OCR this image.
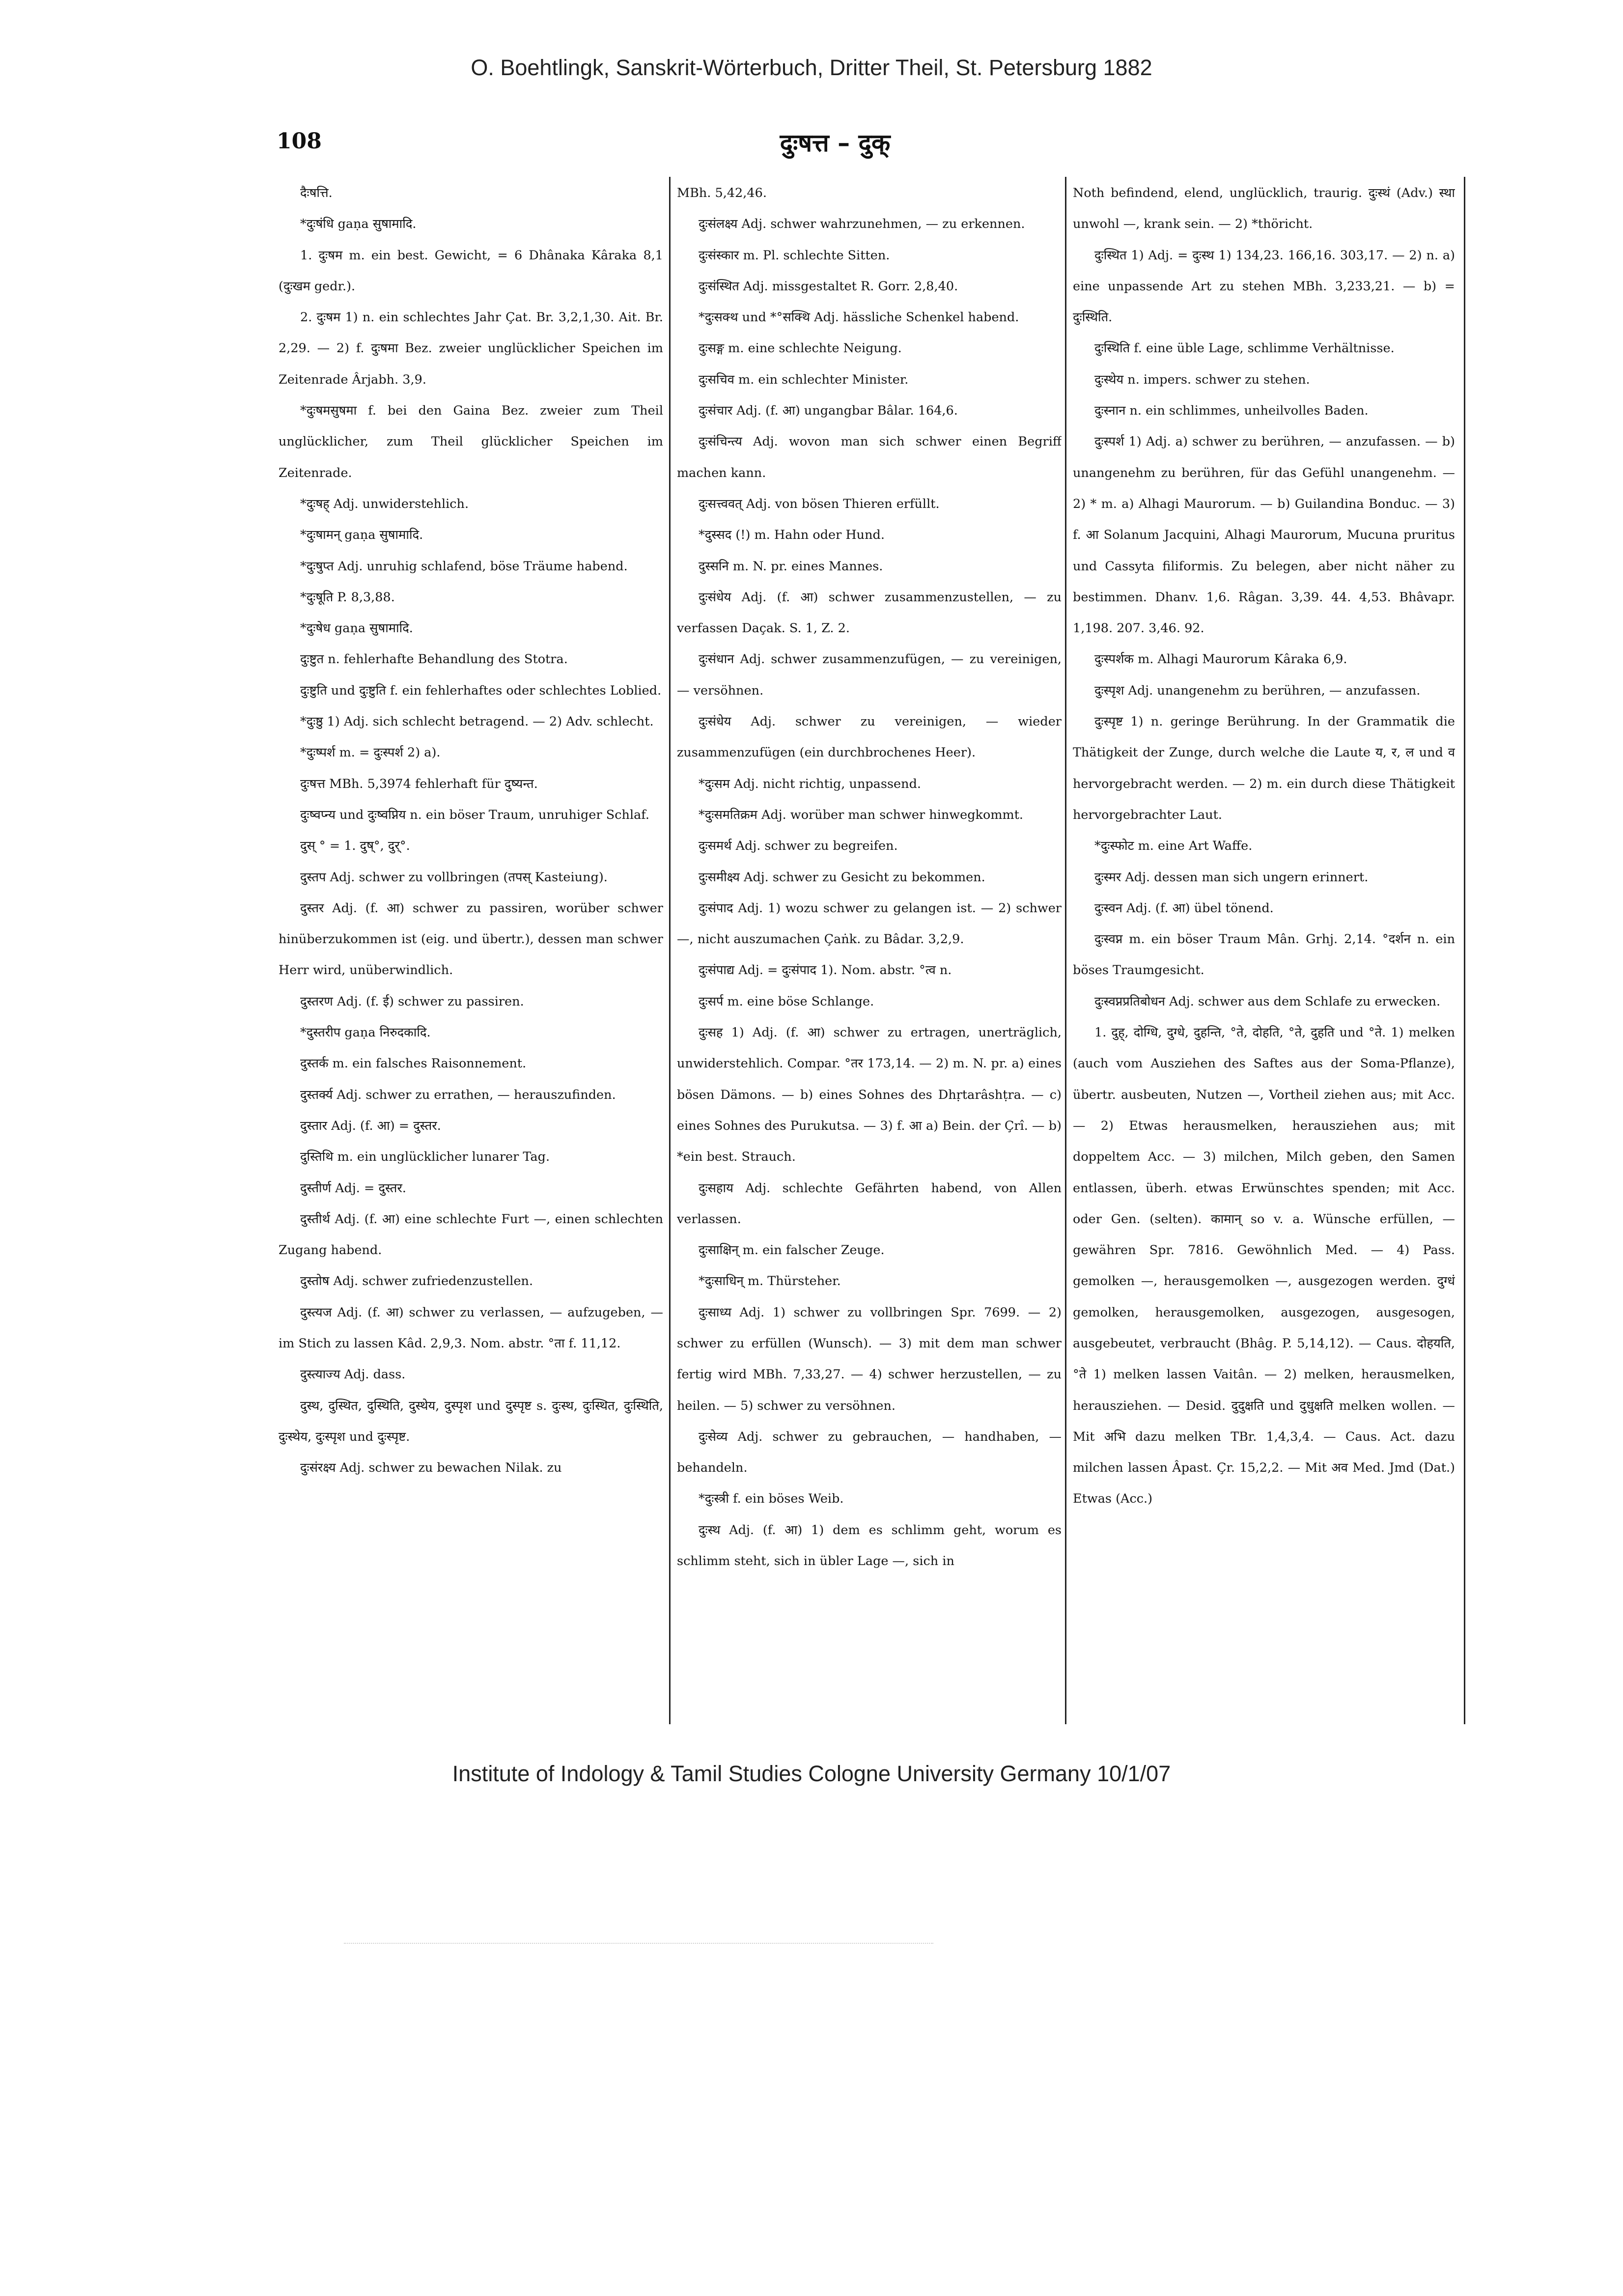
O. Boehtlingk, Sanskrit-Wörterbuch, Dritter Theil, St. Petersburg 1882
108	दुःषत्त – दुक्

दैःषत्ति.

*दुःषंधि gaṇa सुषामादि.

1. दुःषम m. ein best. Gewicht, = 6 Dhânaka Kâraka 8,1 (दुःखम gedr.).

2. दुःषम 1) n. ein schlechtes Jahr Çat. Br. 3,2,1,30. Ait. Br. 2,29. — 2) f. दुःषमा Bez. zweier unglücklicher Speichen im Zeitenrade Ârjabh. 3,9.

*दुःषमसुषमा f. bei den Gaina Bez. zweier zum Theil unglücklicher, zum Theil glücklicher Speichen im Zeitenrade.

*दुःषह् Adj. unwiderstehlich.

*दुःषामन् gaṇa सुषामादि.

*दुःषुप्त Adj. unruhig schlafend, böse Träume habend.

*दुःषूति P. 8,3,88.

*दुःषेध gaṇa सुषामादि.

दुःष्टुत n. fehlerhafte Behandlung des Stotra.

दुःष्टुति und दुःष्टुति f. ein fehlerhaftes oder schlechtes Loblied.

*दुःष्ठु 1) Adj. sich schlecht betragend. — 2) Adv. schlecht.

*दुःष्पर्श m. = दुःस्पर्श 2) a).

दुःषत्त MBh. 5,3974 fehlerhaft für दुष्यन्त.

दुःष्वप्न्य und दुःष्वप्निय n. ein böser Traum, unruhiger Schlaf.

दुस् ° = 1. दुष्°, दुर्°.

दुस्तप Adj. schwer zu vollbringen (तपस् Kasteiung).

दुस्तर Adj. (f. आ) schwer zu passiren, worüber schwer hinüberzukommen ist (eig. und übertr.), dessen man schwer Herr wird, unüberwindlich.

दुस्तरण Adj. (f. ई) schwer zu passiren.

*दुस्तरीप gaṇa निरुदकादि.

दुस्तर्क m. ein falsches Raisonnement.

दुस्तर्क्य Adj. schwer zu errathen, — herauszufinden.

दुस्तार Adj. (f. आ) = दुस्तर.

दुस्तिथि m. ein unglücklicher lunarer Tag.

दुस्तीर्ण Adj. = दुस्तर.

दुस्तीर्थ Adj. (f. आ) eine schlechte Furt —, einen schlechten Zugang habend.

दुस्तोष Adj. schwer zufriedenzustellen.

दुस्त्यज Adj. (f. आ) schwer zu verlassen, — aufzugeben, — im Stich zu lassen Kâd. 2,9,3. Nom. abstr. °ता f. 11,12.

दुस्त्याज्य Adj. dass.

दुस्थ, दुस्थित, दुस्थिति, दुस्थेय, दुस्पृश und दुस्पृष्ट s. दुःस्थ, दुःस्थित, दुःस्थिति, दुःस्थेय, दुःस्पृश und दुःस्पृष्ट.

दुःसंरक्ष्य Adj. schwer zu bewachen Nilak. zu

MBh. 5,42,46.

दुःसंलक्ष्य Adj. schwer wahrzunehmen, — zu erkennen.

दुःसंस्कार m. Pl. schlechte Sitten.

दुःसंस्थित Adj. missgestaltet R. Gorr. 2,8,40.

*दुःसक्थ und *°सक्थि Adj. hässliche Schenkel habend.

दुःसङ्ग m. eine schlechte Neigung.

दुःसचिव m. ein schlechter Minister.

दुःसंचार Adj. (f. आ) ungangbar Bâlar. 164,6.

दुःसंचिन्त्य Adj. wovon man sich schwer einen Begriff machen kann.

दुःसत्त्ववत् Adj. von bösen Thieren erfüllt.

*दुस्सद (!) m. Hahn oder Hund.

दुस्सनि m. N. pr. eines Mannes.

दुःसंधेय Adj. (f. आ) schwer zusammenzustellen, — zu verfassen Daçak. S. 1, Z. 2.

दुःसंधान Adj. schwer zusammenzufügen, — zu vereinigen, — versöhnen.

दुःसंधेय Adj. schwer zu vereinigen, — wieder zusammenzufügen (ein durchbrochenes Heer).

*दुःसम Adj. nicht richtig, unpassend.

*दुःसमतिक्रम Adj. worüber man schwer hinwegkommt.

दुःसमर्थ Adj. schwer zu begreifen.

दुःसमीक्ष्य Adj. schwer zu Gesicht zu bekommen.

दुःसंपाद Adj. 1) wozu schwer zu gelangen ist. — 2) schwer —, nicht auszumachen Çaṅk. zu Bâdar. 3,2,9.

दुःसंपाद्य Adj. = दुःसंपाद 1). Nom. abstr. °त्व n.

दुःसर्प m. eine böse Schlange.

दुःसह 1) Adj. (f. आ) schwer zu ertragen, unerträglich, unwiderstehlich. Compar. °तर 173,14. — 2) m. N. pr. a) eines bösen Dämons. — b) eines Sohnes des Dhṛtarâshṭra. — c) eines Sohnes des Purukutsa. — 3) f. आ a) Bein. der Çrî. — b) *ein best. Strauch.

दुःसहाय Adj. schlechte Gefährten habend, von Allen verlassen.

दुःसाक्षिन् m. ein falscher Zeuge.

*दुःसाधिन् m. Thürsteher.

दुःसाध्य Adj. 1) schwer zu vollbringen Spr. 7699. — 2) schwer zu erfüllen (Wunsch). — 3) mit dem man schwer fertig wird MBh. 7,33,27. — 4) schwer herzustellen, — zu heilen. — 5) schwer zu versöhnen.

दुःसेव्य Adj. schwer zu gebrauchen, — handhaben, — behandeln.

*दुःस्त्री f. ein böses Weib.

दुःस्थ Adj. (f. आ) 1) dem es schlimm geht, worum es schlimm steht, sich in übler Lage —, sich in

Noth befindend, elend, unglücklich, traurig. दुःस्थं (Adv.) स्था unwohl —, krank sein. — 2) *thöricht.

दुःस्थित 1) Adj. = दुःस्थ 1) 134,23. 166,16. 303,17. — 2) n. a) eine unpassende Art zu stehen MBh. 3,233,21. — b) = दुःस्थिति.

दुःस्थिति f. eine üble Lage, schlimme Verhältnisse.

दुःस्थेय n. impers. schwer zu stehen.

दुःस्नान n. ein schlimmes, unheilvolles Baden.

दुःस्पर्श 1) Adj. a) schwer zu berühren, — anzufassen. — b) unangenehm zu berühren, für das Gefühl unangenehm. — 2) * m. a) Alhagi Maurorum. — b) Guilandina Bonduc. — 3) f. आ Solanum Jacquini, Alhagi Maurorum, Mucuna pruritus und Cassyta filiformis. Zu belegen, aber nicht näher zu bestimmen. Dhanv. 1,6. Râgan. 3,39. 44. 4,53. Bhâvapr. 1,198. 207. 3,46. 92.

दुःस्पर्शक m. Alhagi Maurorum Kâraka 6,9.

दुःस्पृश Adj. unangenehm zu berühren, — anzufassen.

दुःस्पृष्ट 1) n. geringe Berührung. In der Grammatik die Thätigkeit der Zunge, durch welche die Laute य, र, ल und व hervorgebracht werden. — 2) m. ein durch diese Thätigkeit hervorgebrachter Laut.

*दुःस्फोट m. eine Art Waffe.

दुःस्मर Adj. dessen man sich ungern erinnert.

दुःस्वन Adj. (f. आ) übel tönend.

दुःस्वप्न m. ein böser Traum Mân. Grhj. 2,14. °दर्शन n. ein böses Traumgesicht.

दुःस्वप्नप्रतिबोधन Adj. schwer aus dem Schlafe zu erwecken.

1. दुह्, दोग्धि, दुग्धे, दुहन्ति, °ते, दोहति, °ते, दुहति und °ते. 1) melken (auch vom Ausziehen des Saftes aus der Soma-Pflanze), übertr. ausbeuten, Nutzen —, Vortheil ziehen aus; mit Acc. — 2) Etwas herausmelken, herausziehen aus; mit doppeltem Acc. — 3) milchen, Milch geben, den Samen entlassen, überh. etwas Erwünschtes spenden; mit Acc. oder Gen. (selten). कामान् so v. a. Wünsche erfüllen, — gewähren Spr. 7816. Gewöhnlich Med. — 4) Pass. gemolken —, herausgemolken —, ausgezogen werden. दुग्धं gemolken, herausgemolken, ausgezogen, ausgesogen, ausgebeutet, verbraucht (Bhâg. P. 5,14,12). — Caus. दोहयति, °ते 1) melken lassen Vaitân. — 2) melken, herausmelken, herausziehen. — Desid. दुदुक्षति und दुधुक्षति melken wollen. — Mit अभि dazu melken TBr. 1,4,3,4. — Caus. Act. dazu milchen lassen Âpast. Çr. 15,2,2. — Mit अव Med. Jmd (Dat.) Etwas (Acc.)

Institute of Indology & Tamil Studies Cologne University Germany 10/1/07
